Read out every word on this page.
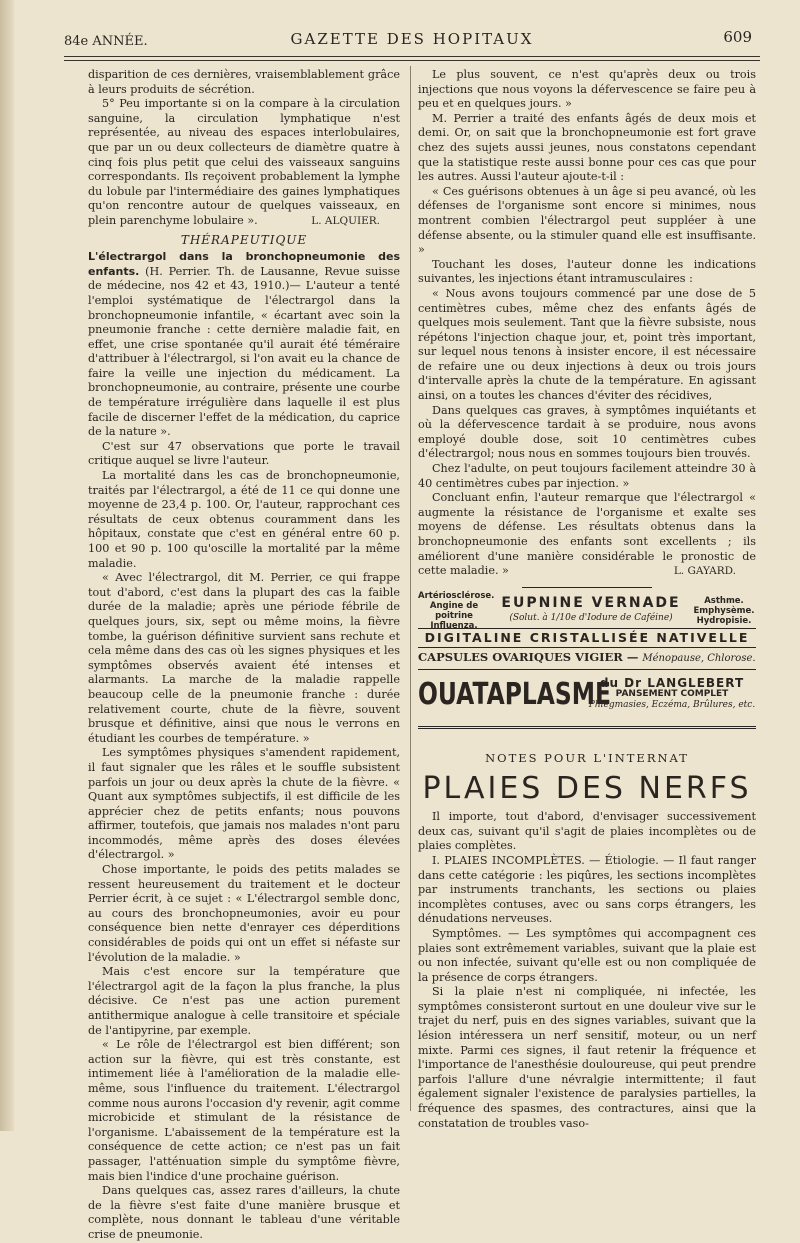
84e ANNÉE.	GAZETTE DES HOPITAUX	609

disparition de ces dernières, vraisemblablement grâce à leurs produits de sécrétion.

5° Peu importante si on la compare à la circulation sanguine, la circulation lymphatique n'est représentée, au niveau des espaces interlobulaires, que par un ou deux collecteurs de diamètre quatre à cinq fois plus petit que celui des vaisseaux sanguins correspondants. Ils reçoivent probablement la lymphe du lobule par l'intermédiaire des gaines lymphatiques qu'on rencontre autour de quelques vaisseaux, en plein parenchyme lobulaire ».	L. ALQUIER.

THÉRAPEUTIQUE

L'électrargol dans la bronchopneumonie des enfants. (H. Perrier. Th. de Lausanne, Revue suisse de médecine, nos 42 et 43, 1910.)— L'auteur a tenté l'emploi systématique de l'électrargol dans la bronchopneumonie infantile, « écartant avec soin la pneumonie franche : cette dernière maladie fait, en effet, une crise spontanée qu'il aurait été téméraire d'attribuer à l'électrargol, si l'on avait eu la chance de faire la veille une injection du médicament. La bronchopneumonie, au contraire, présente une courbe de température irrégulière dans laquelle il est plus facile de discerner l'effet de la médication, du caprice de la nature ».

C'est sur 47 observations que porte le travail critique auquel se livre l'auteur.

La mortalité dans les cas de bronchopneumonie, traités par l'électrargol, a été de 11 ce qui donne une moyenne de 23,4 p. 100. Or, l'auteur, rapprochant ces résultats de ceux obtenus couramment dans les hôpitaux, constate que c'est en général entre 60 p. 100 et 90 p. 100 qu'oscille la mortalité par la même maladie.

« Avec l'électrargol, dit M. Perrier, ce qui frappe tout d'abord, c'est dans la plupart des cas la faible durée de la maladie; après une période fébrile de quelques jours, six, sept ou même moins, la fièvre tombe, la guérison définitive survient sans rechute et cela même dans des cas où les signes physiques et les symptômes observés avaient été intenses et alarmants. La marche de la maladie rappelle beaucoup celle de la pneumonie franche : durée relativement courte, chute de la fièvre, souvent brusque et définitive, ainsi que nous le verrons en étudiant les courbes de température. »

Les symptômes physiques s'amendent rapidement, il faut signaler que les râles et le souffle subsistent parfois un jour ou deux après la chute de la fièvre. « Quant aux symptômes subjectifs, il est difficile de les apprécier chez de petits enfants; nous pouvons affirmer, toutefois, que jamais nos malades n'ont paru incommodés, même après des doses élevées d'électrargol. »

Chose importante, le poids des petits malades se ressent heureusement du traitement et le docteur Perrier écrit, à ce sujet : « L'électrargol semble donc, au cours des bronchopneumonies, avoir eu pour conséquence bien nette d'enrayer ces déperditions considérables de poids qui ont un effet si néfaste sur l'évolution de la maladie. »

Mais c'est encore sur la température que l'électrargol agit de la façon la plus franche, la plus décisive. Ce n'est pas une action purement antithermique analogue à celle transitoire et spéciale de l'antipyrine, par exemple.

« Le rôle de l'électrargol est bien différent; son action sur la fièvre, qui est très constante, est intimement liée à l'amélioration de la maladie elle-même, sous l'influence du traitement. L'électrargol comme nous aurons l'occasion d'y revenir, agit comme microbicide et stimulant de la résistance de l'organisme. L'abaissement de la température est la conséquence de cette action; ce n'est pas un fait passager, l'atténuation simple du symptôme fièvre, mais bien l'indice d'une prochaine guérison.

Dans quelques cas, assez rares d'ailleurs, la chute de la fièvre s'est faite d'une manière brusque et complète, nous donnant le tableau d'une véritable crise de pneumonie.

Le plus souvent, ce n'est qu'après deux ou trois injections que nous voyons la défervescence se faire peu à peu et en quelques jours. »

M. Perrier a traité des enfants âgés de deux mois et demi. Or, on sait que la bronchopneumonie est fort grave chez des sujets aussi jeunes, nous constatons cependant que la statistique reste aussi bonne pour ces cas que pour les autres. Aussi l'auteur ajoute-t-il :

« Ces guérisons obtenues à un âge si peu avancé, où les défenses de l'organisme sont encore si minimes, nous montrent combien l'électrargol peut suppléer à une défense absente, ou la stimuler quand elle est insuffisante. »

Touchant les doses, l'auteur donne les indications suivantes, les injections étant intramusculaires :

« Nous avons toujours commencé par une dose de 5 centimètres cubes, même chez des enfants âgés de quelques mois seulement. Tant que la fièvre subsiste, nous répétons l'injection chaque jour, et, point très important, sur lequel nous tenons à insister encore, il est nécessaire de refaire une ou deux injections à deux ou trois jours d'intervalle après la chute de la température. En agissant ainsi, on a toutes les chances d'éviter des récidives,

Dans quelques cas graves, à symptômes inquiétants et où la défervescence tardait à se produire, nous avons employé double dose, soit 10 centimètres cubes d'électrargol; nous nous en sommes toujours bien trouvés.

Chez l'adulte, on peut toujours facilement atteindre 30 à 40 centimètres cubes par injection. »

Concluant enfin, l'auteur remarque que l'électrargol « augmente la résistance de l'organisme et exalte ses moyens de défense. Les résultats obtenus dans la bronchopneumonie des enfants sont excellents ; ils améliorent d'une manière considérable le pronostic de cette maladie. »	L. GAYARD.

Artériosclérose. Angine de poitrine Influenza.
EUPNINE VERNADE
(Solut. à 1/10e d'Iodure de Caféine)
Asthme. Emphysème. Hydropisie.
DIGITALINE CRISTALLISÉE NATIVELLE
CAPSULES OVARIQUES VIGIER — Ménopause, Chlorose.
OUATAPLASME
du Dr LANGLEBERT
PANSEMENT COMPLET
Phlegmasies, Eczéma, Brûlures, etc.
NOTES POUR L'INTERNAT
PLAIES DES NERFS

Il importe, tout d'abord, d'envisager successivement deux cas, suivant qu'il s'agit de plaies incomplètes ou de plaies complètes.

I. PLAIES INCOMPLÈTES. — Étiologie. — Il faut ranger dans cette catégorie : les piqûres, les sections incomplètes par instruments tranchants, les sections ou plaies incomplètes contuses, avec ou sans corps étrangers, les dénudations nerveuses.

Symptômes. — Les symptômes qui accompagnent ces plaies sont extrêmement variables, suivant que la plaie est ou non infectée, suivant qu'elle est ou non compliquée de la présence de corps étrangers.

Si la plaie n'est ni compliquée, ni infectée, les symptômes consisteront surtout en une douleur vive sur le trajet du nerf, puis en des signes variables, suivant que la lésion intéressera un nerf sensitif, moteur, ou un nerf mixte. Parmi ces signes, il faut retenir la fréquence et l'importance de l'anesthésie douloureuse, qui peut prendre parfois l'allure d'une névralgie intermittente; il faut également signaler l'existence de paralysies partielles, la fréquence des spasmes, des contractures, ainsi que la constatation de troubles vaso-
